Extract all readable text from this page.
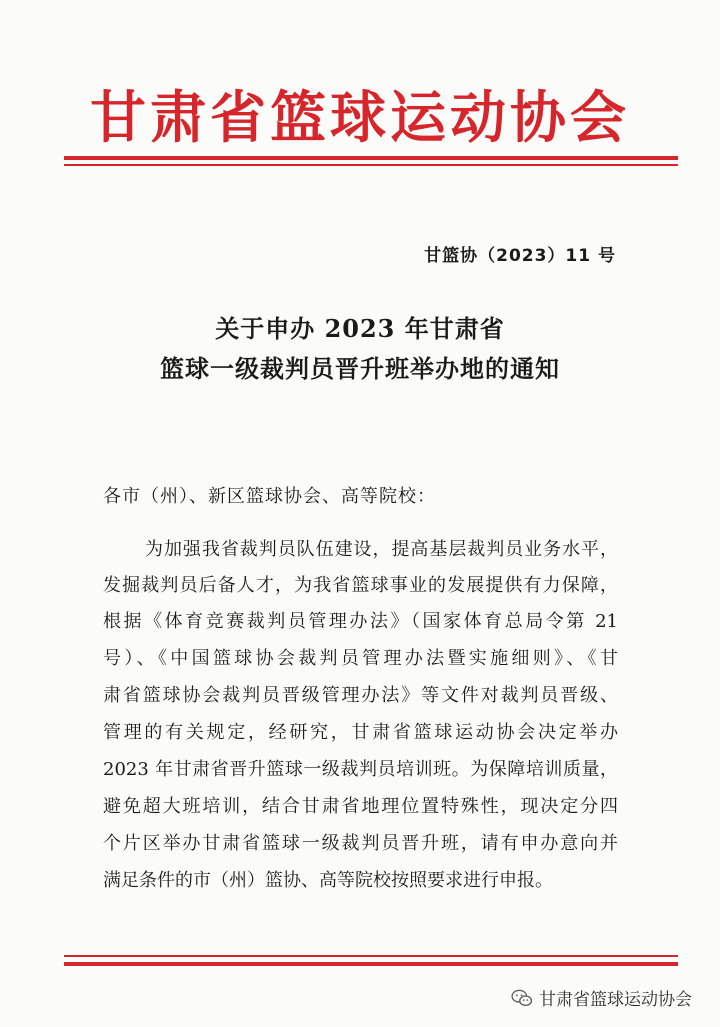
甘肃省篮球运动协会
甘篮协（2023）11 号
关于申办 2023 年甘肃省
篮球一级裁判员晋升班举办地的通知
各市（州）、新区篮球协会、高等院校：
为加强我省裁判员队伍建设，提高基层裁判员业务水平，
发掘裁判员后备人才，为我省篮球事业的发展提供有力保障，
根据《体育竞赛裁判员管理办法》（国家体育总局令第 21
号）、《中国篮球协会裁判员管理办法暨实施细则》、《甘
肃省篮球协会裁判员晋级管理办法》等文件对裁判员晋级、
管理的有关规定，经研究，甘肃省篮球运动协会决定举办
2023 年甘肃省晋升篮球一级裁判员培训班。为保障培训质量，
避免超大班培训，结合甘肃省地理位置特殊性，现决定分四
个片区举办甘肃省篮球一级裁判员晋升班，请有申办意向并
满足条件的市（州）篮协、高等院校按照要求进行申报。
甘肃省篮球运动协会
